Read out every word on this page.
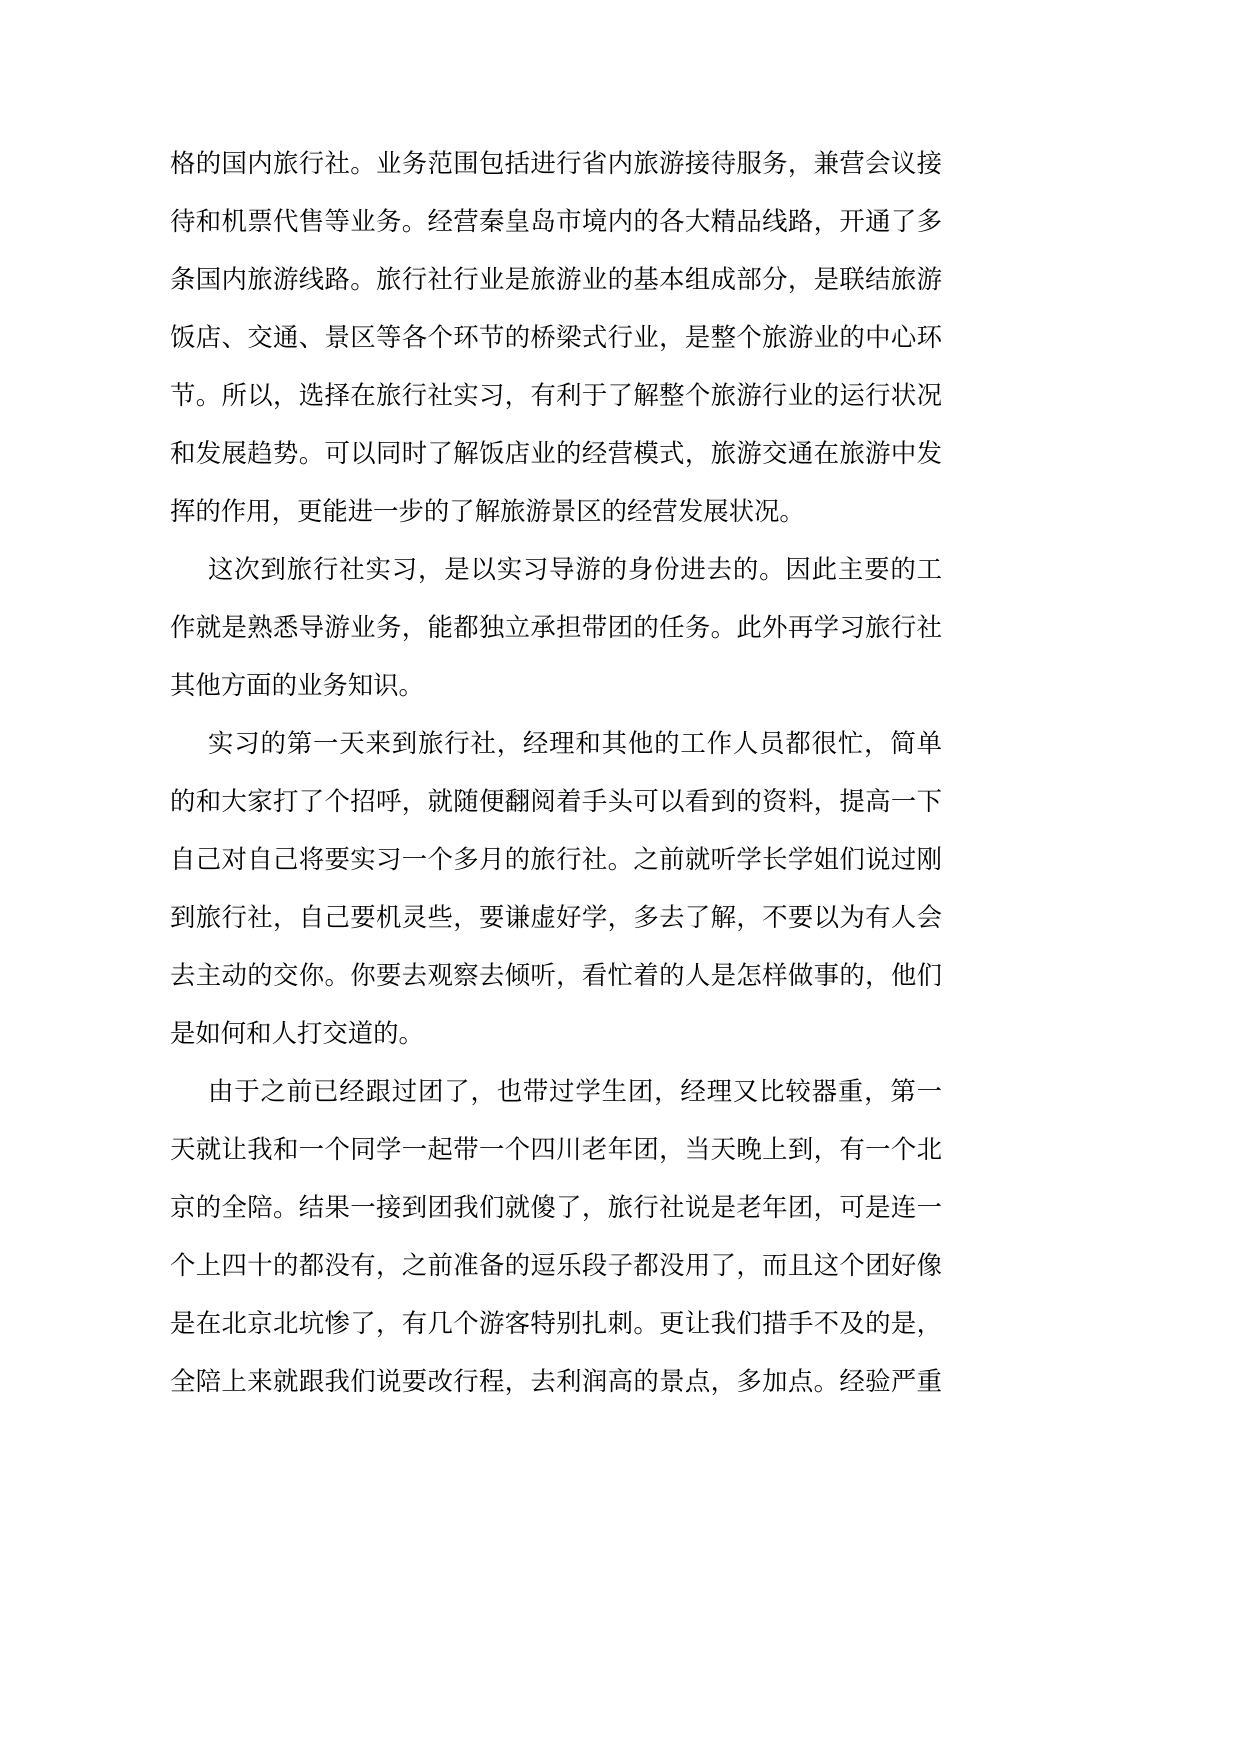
格的国内旅行社。业务范围包括进行省内旅游接待服务，兼营会议接
待和机票代售等业务。经营秦皇岛市境内的各大精品线路，开通了多
条国内旅游线路。旅行社行业是旅游业的基本组成部分，是联结旅游
饭店、交通、景区等各个环节的桥梁式行业，是整个旅游业的中心环
节。所以，选择在旅行社实习，有利于了解整个旅游行业的运行状况
和发展趋势。可以同时了解饭店业的经营模式，旅游交通在旅游中发
挥的作用，更能进一步的了解旅游景区的经营发展状况。
这次到旅行社实习，是以实习导游的身份进去的。因此主要的工
作就是熟悉导游业务，能都独立承担带团的任务。此外再学习旅行社
其他方面的业务知识。
实习的第一天来到旅行社，经理和其他的工作人员都很忙，简单
的和大家打了个招呼，就随便翻阅着手头可以看到的资料，提高一下
自己对自己将要实习一个多月的旅行社。之前就听学长学姐们说过刚
到旅行社，自己要机灵些，要谦虚好学，多去了解，不要以为有人会
去主动的交你。你要去观察去倾听，看忙着的人是怎样做事的，他们
是如何和人打交道的。
由于之前已经跟过团了，也带过学生团，经理又比较器重，第一
天就让我和一个同学一起带一个四川老年团，当天晚上到，有一个北
京的全陪。结果一接到团我们就傻了，旅行社说是老年团，可是连一
个上四十的都没有，之前准备的逗乐段子都没用了，而且这个团好像
是在北京北坑惨了，有几个游客特别扎刺。更让我们措手不及的是，
全陪上来就跟我们说要改行程，去利润高的景点，多加点。经验严重
